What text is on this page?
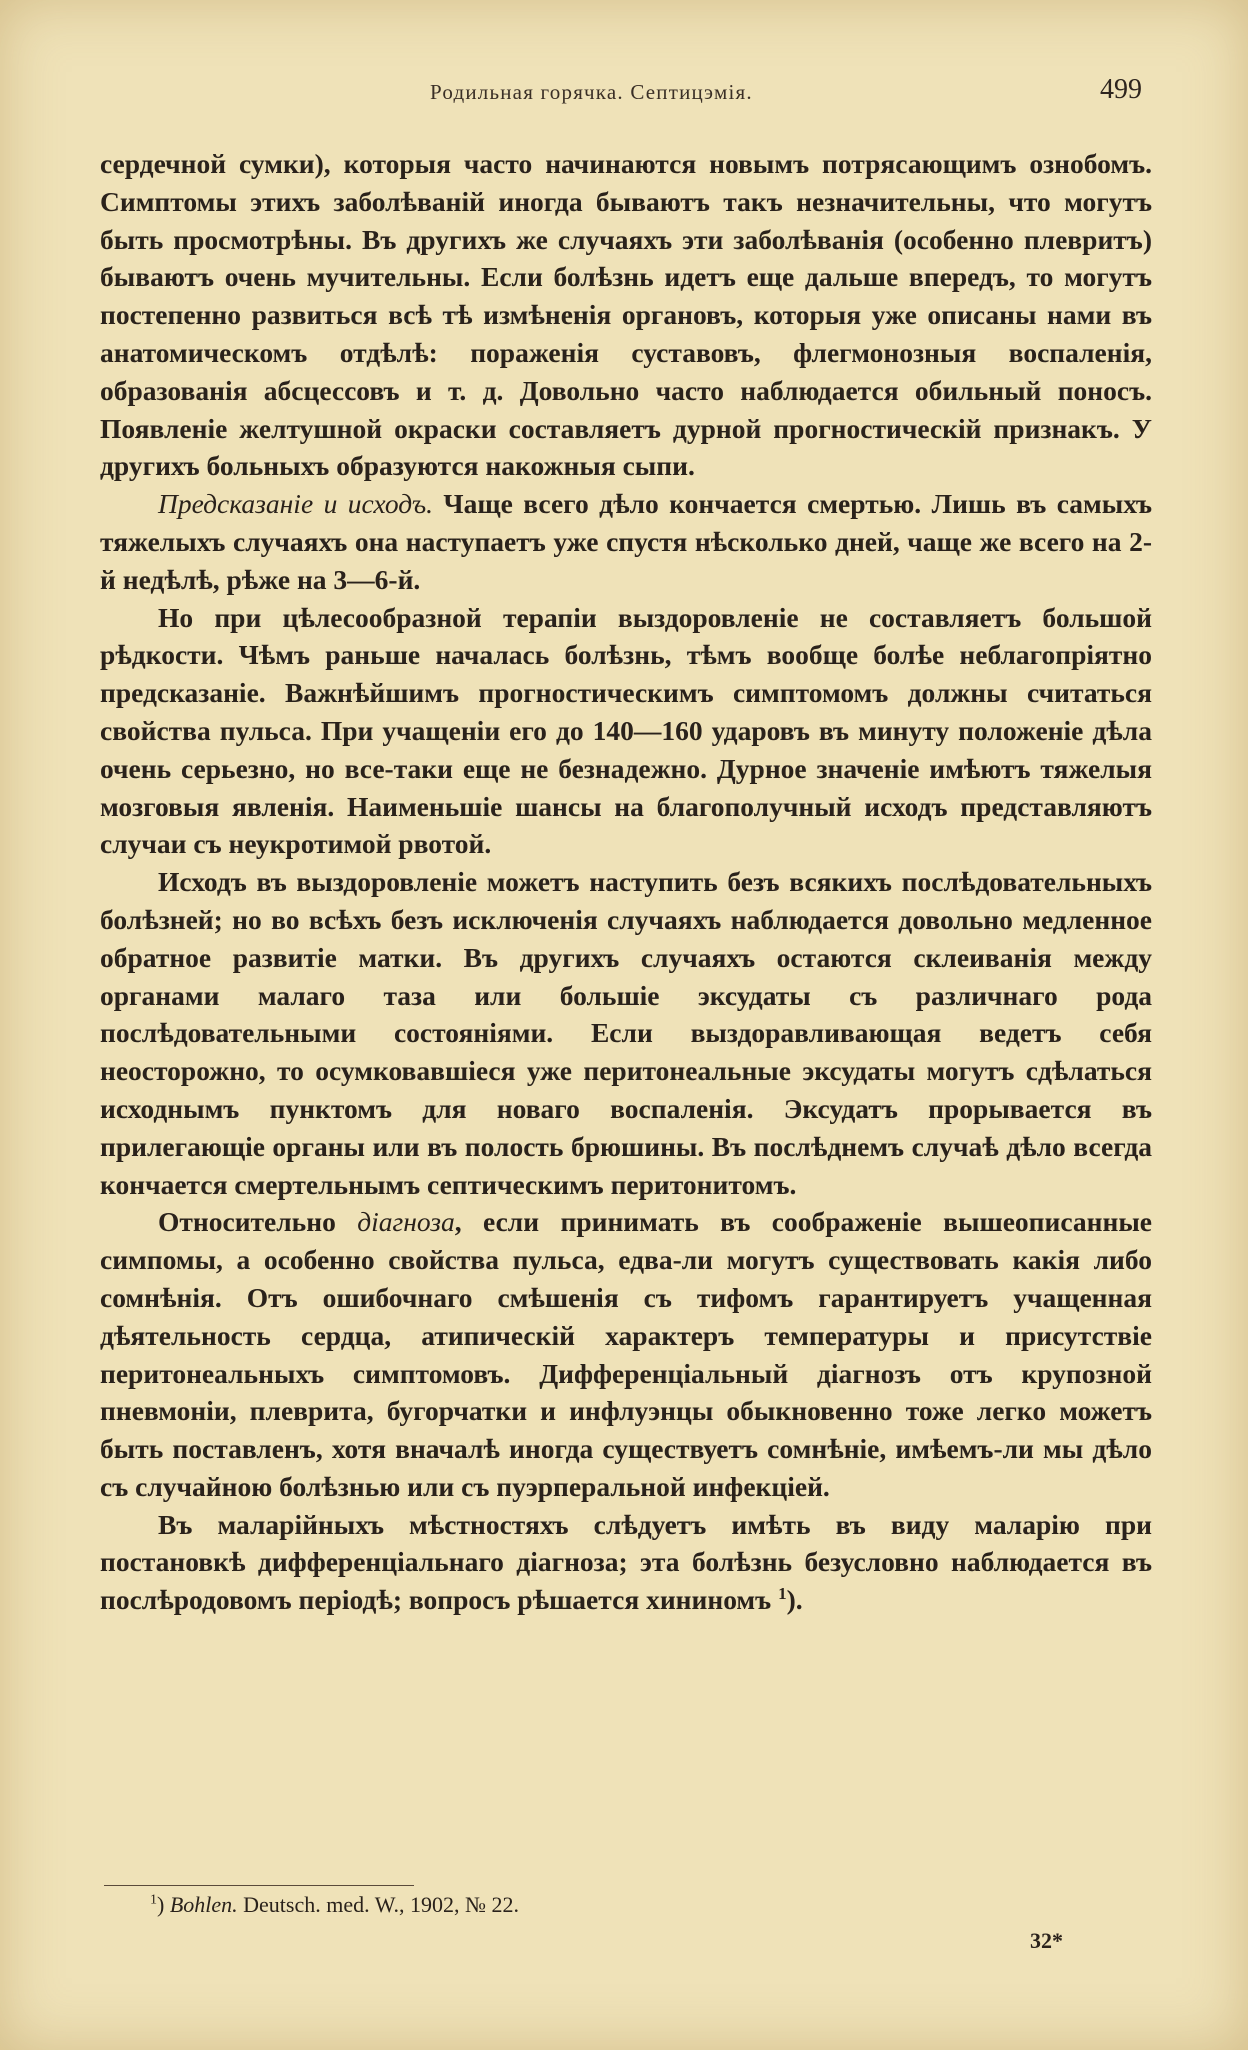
Родильная горячка. Септицэмія.	499

сердечной сумки), которыя часто начинаются новымъ потрясающимъ ознобомъ. Симптомы этихъ заболѣваній иногда бываютъ такъ незначительны, что могутъ быть просмотрѣны. Въ другихъ же случаяхъ эти заболѣванія (особенно плевритъ) бываютъ очень мучительны. Если болѣзнь идетъ еще дальше впередъ, то могутъ постепенно развиться всѣ тѣ измѣненія органовъ, которыя уже описаны нами въ анатомическомъ отдѣлѣ: пораженія суставовъ, флегмонозныя воспаленія, образованія абсцессовъ и т. д. Довольно часто наблюдается обильный поносъ. Появленіе желтушной окраски составляетъ дурной прогностическій признакъ. У другихъ больныхъ образуются накожныя сыпи.

Предсказаніе и исходъ. Чаще всего дѣло кончается смертью. Лишь въ самыхъ тяжелыхъ случаяхъ она наступаетъ уже спустя нѣсколько дней, чаще же всего на 2-й недѣлѣ, рѣже на 3—6-й.

Но при цѣлесообразной терапіи выздоровленіе не составляетъ большой рѣдкости. Чѣмъ раньше началась болѣзнь, тѣмъ вообще болѣе неблагопріятно предсказаніе. Важнѣйшимъ прогностическимъ симптомомъ должны считаться свойства пульса. При учащеніи его до 140—160 ударовъ въ минуту положеніе дѣла очень серьезно, но все-таки еще не безнадежно. Дурное значеніе имѣютъ тяжелыя мозговыя явленія. Наименьшіе шансы на благополучный исходъ представляютъ случаи съ неукротимой рвотой.

Исходъ въ выздоровленіе можетъ наступить безъ всякихъ послѣдовательныхъ болѣзней; но во всѣхъ безъ исключенія случаяхъ наблюдается довольно медленное обратное развитіе матки. Въ другихъ случаяхъ остаются склеиванія между органами малаго таза или большіе эксудаты съ различнаго рода послѣдовательными состояніями. Если выздоравливающая ведетъ себя неосторожно, то осумковавшіеся уже перитонеальные эксудаты могутъ сдѣлаться исходнымъ пунктомъ для новаго воспаленія. Эксудатъ прорывается въ прилегающіе органы или въ полость брюшины. Въ послѣднемъ случаѣ дѣло всегда кончается смертельнымъ септическимъ перитонитомъ.

Относительно діагноза, если принимать въ соображеніе вышеописанные симпомы, а особенно свойства пульса, едва-ли могутъ существовать какія либо сомнѣнія. Отъ ошибочнаго смѣшенія съ тифомъ гарантируетъ учащенная дѣятельность сердца, атипическій характеръ температуры и присутствіе перитонеальныхъ симптомовъ. Дифференціальный діагнозъ отъ крупозной пневмоніи, плеврита, бугорчатки и инфлуэнцы обыкновенно тоже легко можетъ быть поставленъ, хотя вначалѣ иногда существуетъ сомнѣніе, имѣемъ-ли мы дѣло съ случайною болѣзнью или съ пуэрперальной инфекціей.

Въ маларійныхъ мѣстностяхъ слѣдуетъ имѣть въ виду маларію при постановкѣ дифференціальнаго діагноза; эта болѣзнь безусловно наблюдается въ послѣродовомъ періодѣ; вопросъ рѣшается хининомъ $^1$).

$^1$) Bohlen. Deutsch. med. W., 1902, № 22.
32*
